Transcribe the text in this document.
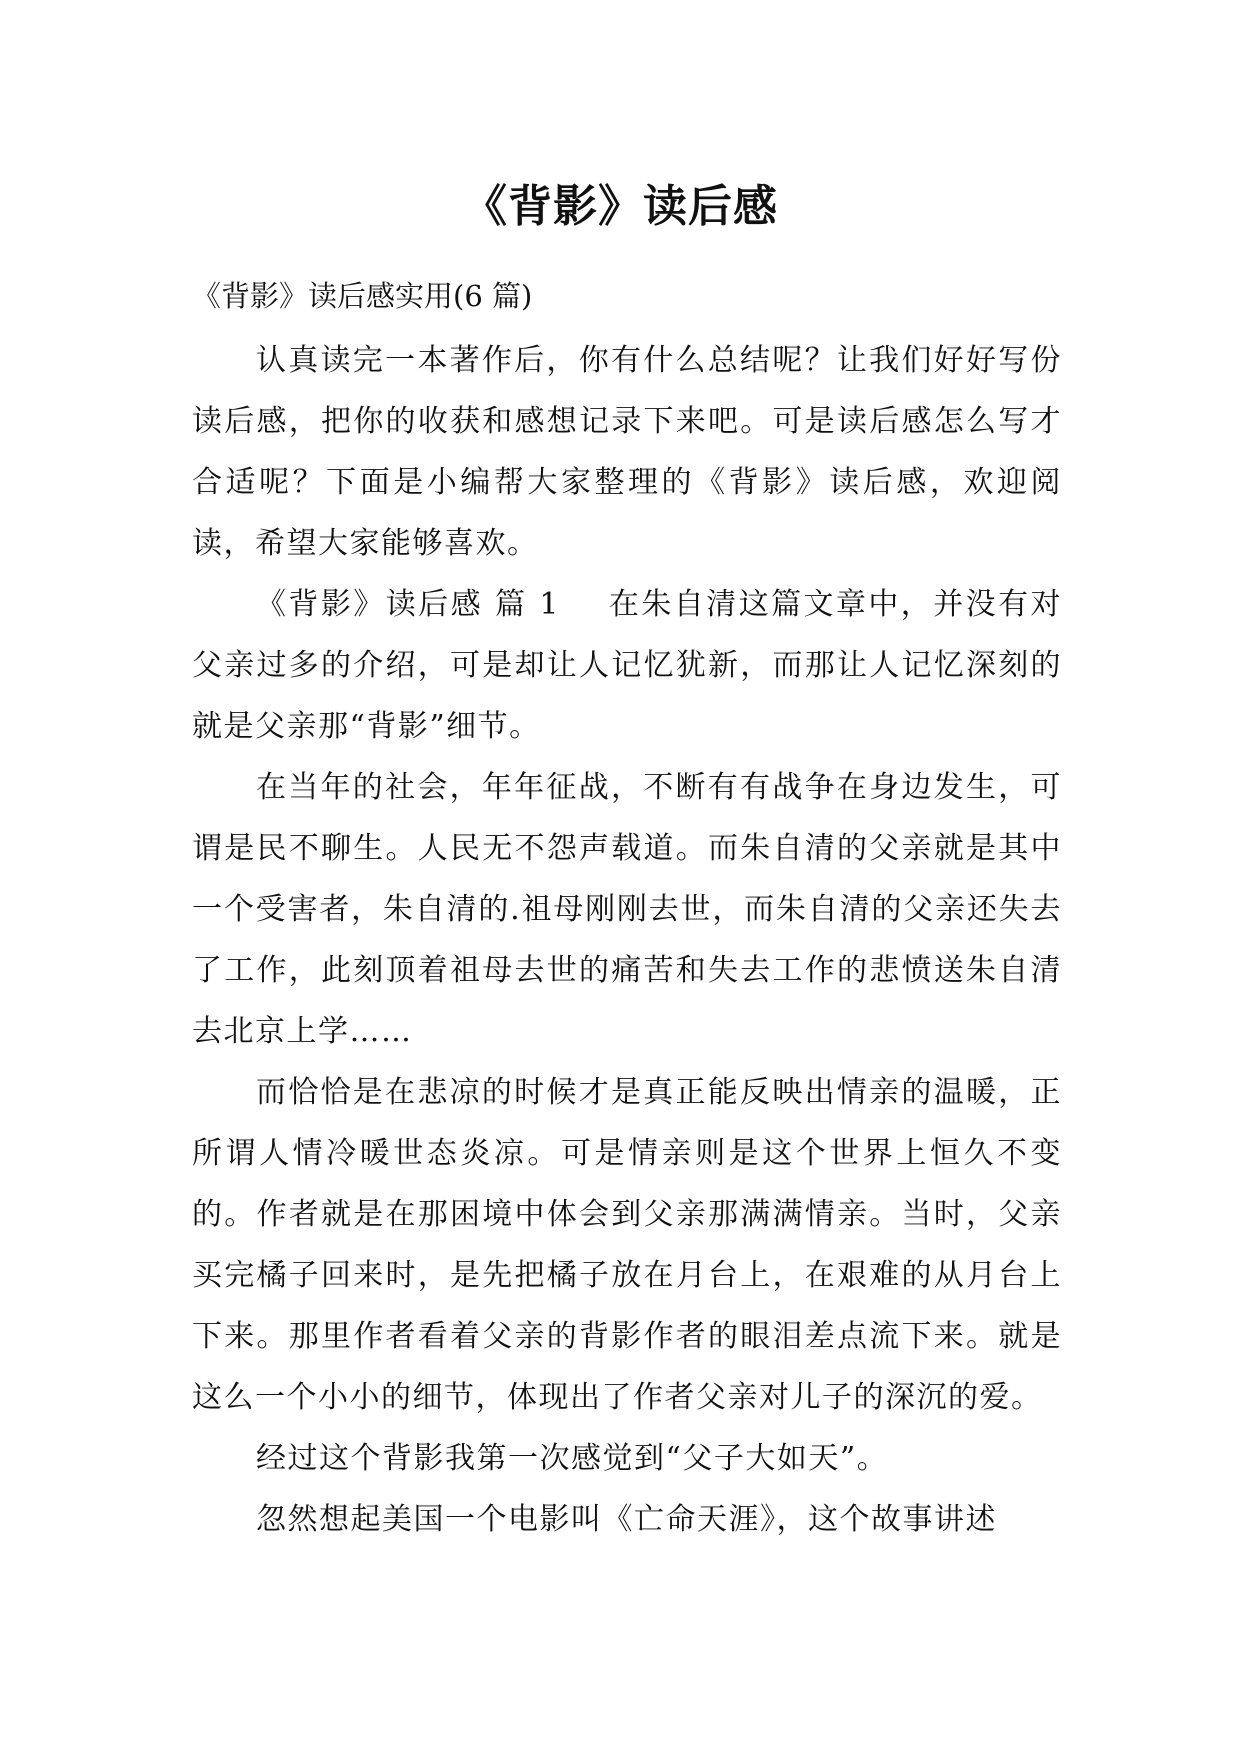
《背影》读后感
《背影》读后感实用(6 篇)

认真读完一本著作后，你有什么总结呢？让我们好好写份读后感，把你的收获和感想记录下来吧。可是读后感怎么写才合适呢？下面是小编帮大家整理的《背影》读后感，欢迎阅读，希望大家能够喜欢。

《背影》读后感 篇 1 在朱自清这篇文章中，并没有对父亲过多的介绍，可是却让人记忆犹新，而那让人记忆深刻的就是父亲那“背影”细节。

在当年的社会，年年征战，不断有有战争在身边发生，可谓是民不聊生。人民无不怨声载道。而朱自清的父亲就是其中一个受害者，朱自清的.祖母刚刚去世，而朱自清的父亲还失去了工作，此刻顶着祖母去世的痛苦和失去工作的悲愤送朱自清去北京上学……

而恰恰是在悲凉的时候才是真正能反映出情亲的温暖，正所谓人情冷暖世态炎凉。可是情亲则是这个世界上恒久不变的。作者就是在那困境中体会到父亲那满满情亲。当时，父亲买完橘子回来时，是先把橘子放在月台上，在艰难的从月台上下来。那里作者看着父亲的背影作者的眼泪差点流下来。就是这么一个小小的细节，体现出了作者父亲对儿子的深沉的爱。

经过这个背影我第一次感觉到“父子大如天”。

忽然想起美国一个电影叫《亡命天涯》，这个故事讲述
